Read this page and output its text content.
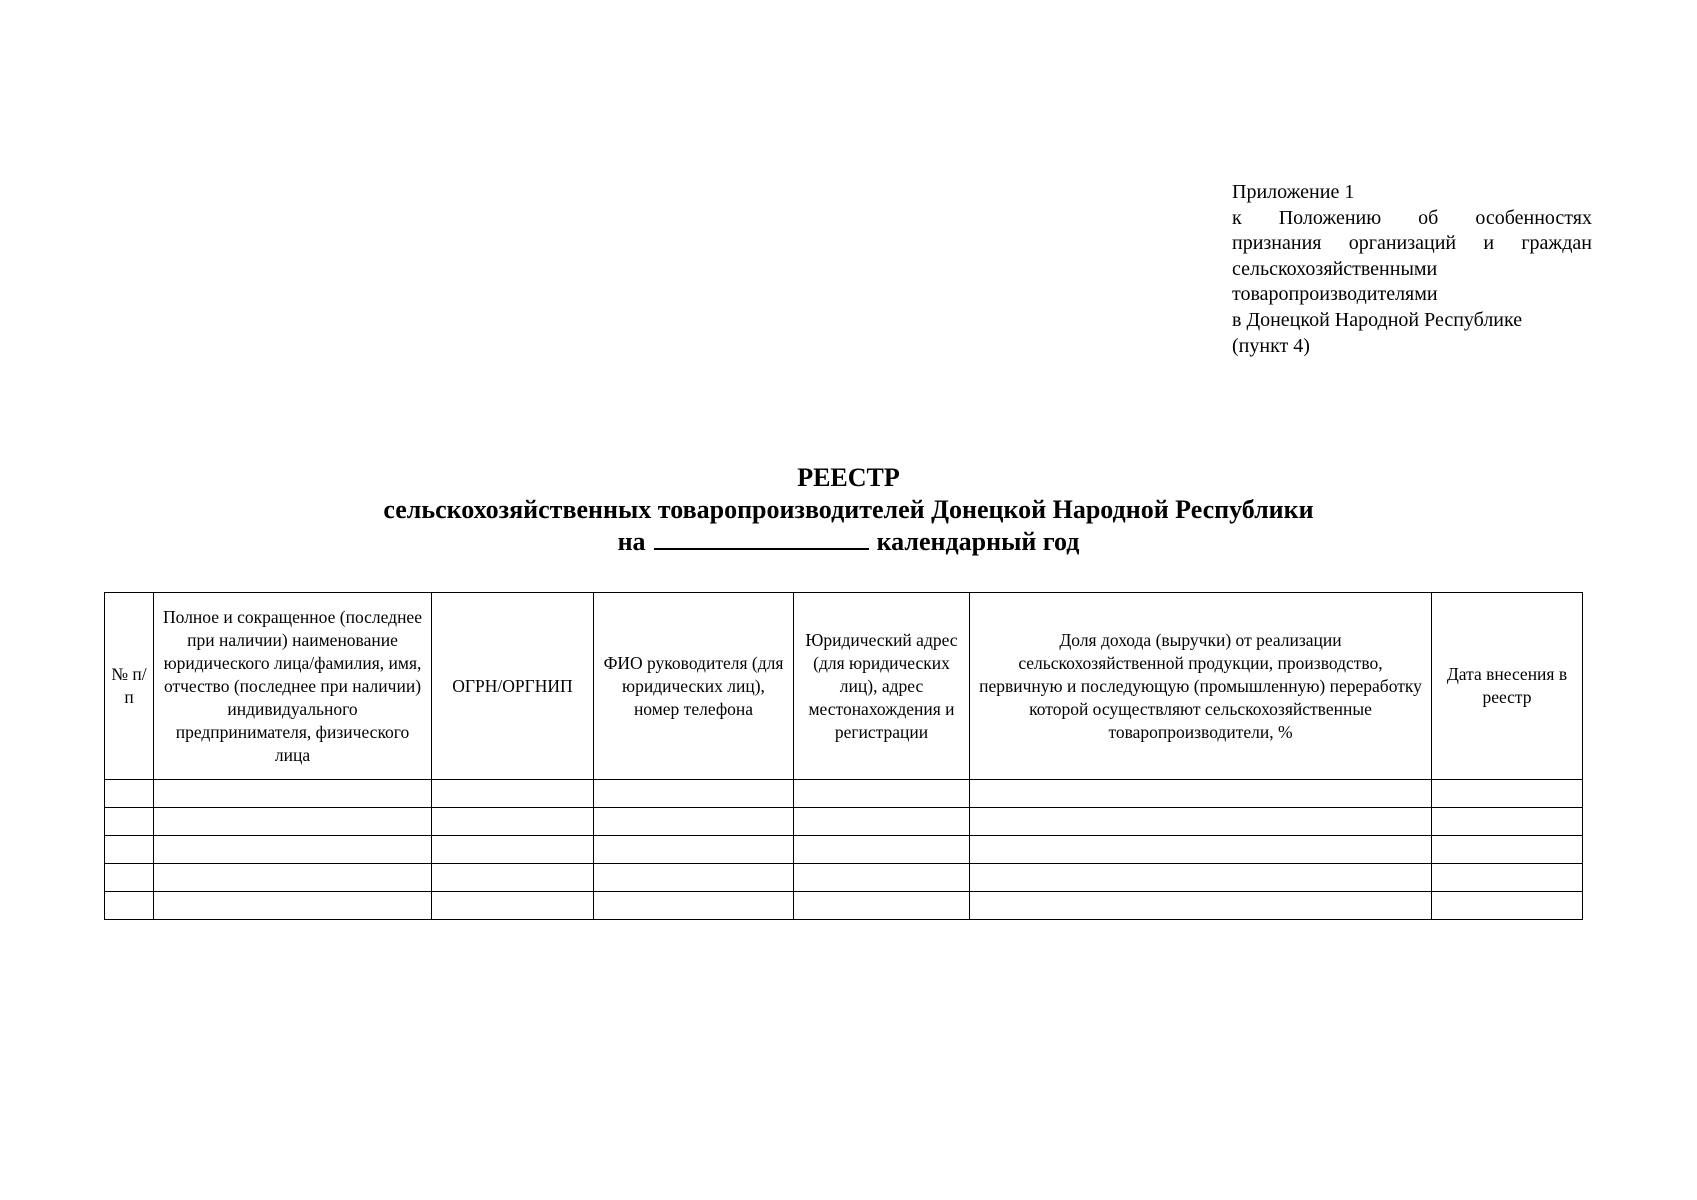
Приложение 1
к Положению об особенностях
признания организаций и граждан
сельскохозяйственными
товаропроизводителями
в Донецкой Народной Республике
(пункт 4)
РЕЕСТР
сельскохозяйственных товаропроизводителей Донецкой Народной Республики
на	календарный год
№ п/п	Полное и сокращенное (последнее при наличии) наименование юридического лица/фамилия, имя, отчество (последнее при наличии) индивидуального предпринимателя, физического лица	ОГРН/ОРГНИП	ФИО руководителя (для юридических лиц), номер телефона	Юридический адрес (для юридических лиц), адрес местонахождения и регистрации	Доля дохода (выручки) от реализации сельскохозяйственной продукции, производство, первичную и последующую (промышленную) переработку которой осуществляют сельскохозяйственные товаропроизводители, %	Дата внесения в реестр
